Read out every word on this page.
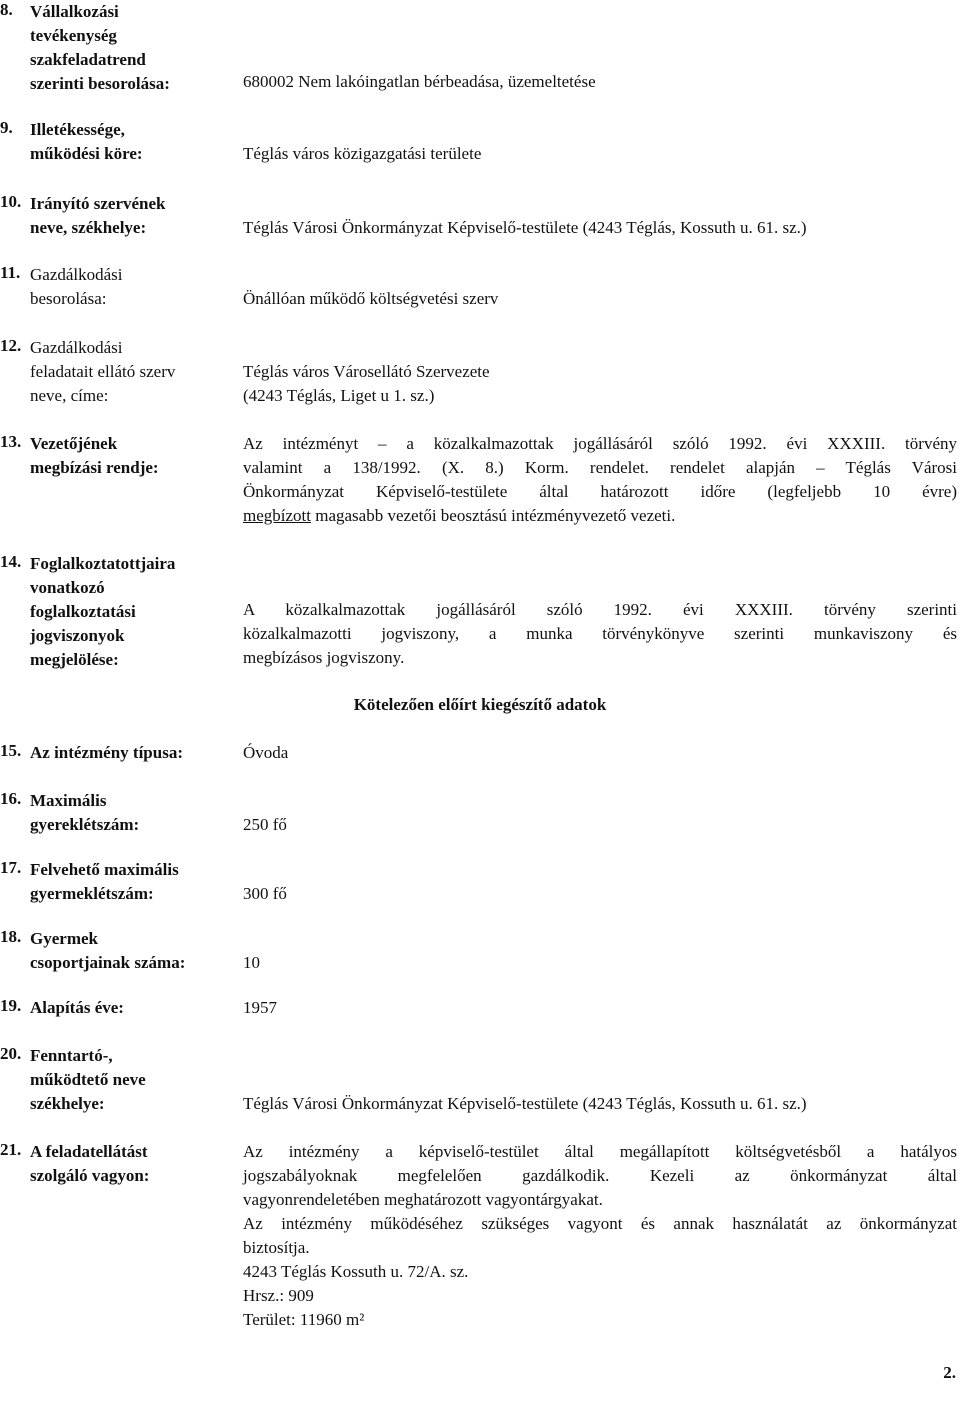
8. Vállalkozási
tevékenység
szakfeladatrend
szerinti besorolása:	680002 Nem lakóingatlan bérbeadása, üzemeltetése
9. Illetékessége,
működési köre:	Téglás város közigazgatási területe
10. Irányító szervének
neve, székhelye:	Téglás Városi Önkormányzat Képviselő-testülete (4243 Téglás, Kossuth u. 61. sz.)
11. Gazdálkodási
besorolása:	Önállóan működő költségvetési szerv
12. Gazdálkodási
feladatait ellátó szerv
neve, címe:
Téglás város Városellátó Szervezete
(4243 Téglás, Liget u 1. sz.)
13. Vezetőjének
megbízási rendje:
Az intézményt – a közalkalmazottak jogállásáról szóló 1992. évi XXXIII. törvény
valamint a 138/1992. (X. 8.) Korm. rendelet. rendelet alapján – Téglás Városi
Önkormányzat Képviselő-testülete által határozott időre (legfeljebb 10 évre)
megbízott magasabb vezetői beosztású intézményvezető vezeti.
14. Foglalkoztatottjaira
vonatkozó
foglalkoztatási
jogviszonyok
megjelölése:
A közalkalmazottak jogállásáról szóló 1992. évi XXXIII. törvény szerinti
közalkalmazotti jogviszony, a munka törvénykönyve szerinti munkaviszony és
megbízásos jogviszony.
Kötelezően előírt kiegészítő adatok
15. Az intézmény típusa:	Óvoda
16. Maximális
gyereklétszám:	250 fő
17. Felvehető maximális
gyermeklétszám:	300 fő
18. Gyermek
csoportjainak száma:	10
19. Alapítás éve:	1957
20. Fenntartó-,
működtető neve
székhelye:	Téglás Városi Önkormányzat Képviselő-testülete (4243 Téglás, Kossuth u. 61. sz.)
21. A feladatellátást
szolgáló vagyon:
Az intézmény a képviselő-testület által megállapított költségvetésből a hatályos
jogszabályoknak megfelelően gazdálkodik. Kezeli az önkormányzat által
vagyonrendeletében meghatározott vagyontárgyakat.
Az intézmény működéséhez szükséges vagyont és annak használatát az önkormányzat
biztosítja.
4243 Téglás Kossuth u. 72/A. sz.
Hrsz.: 909
Terület: 11960 m²
2.
